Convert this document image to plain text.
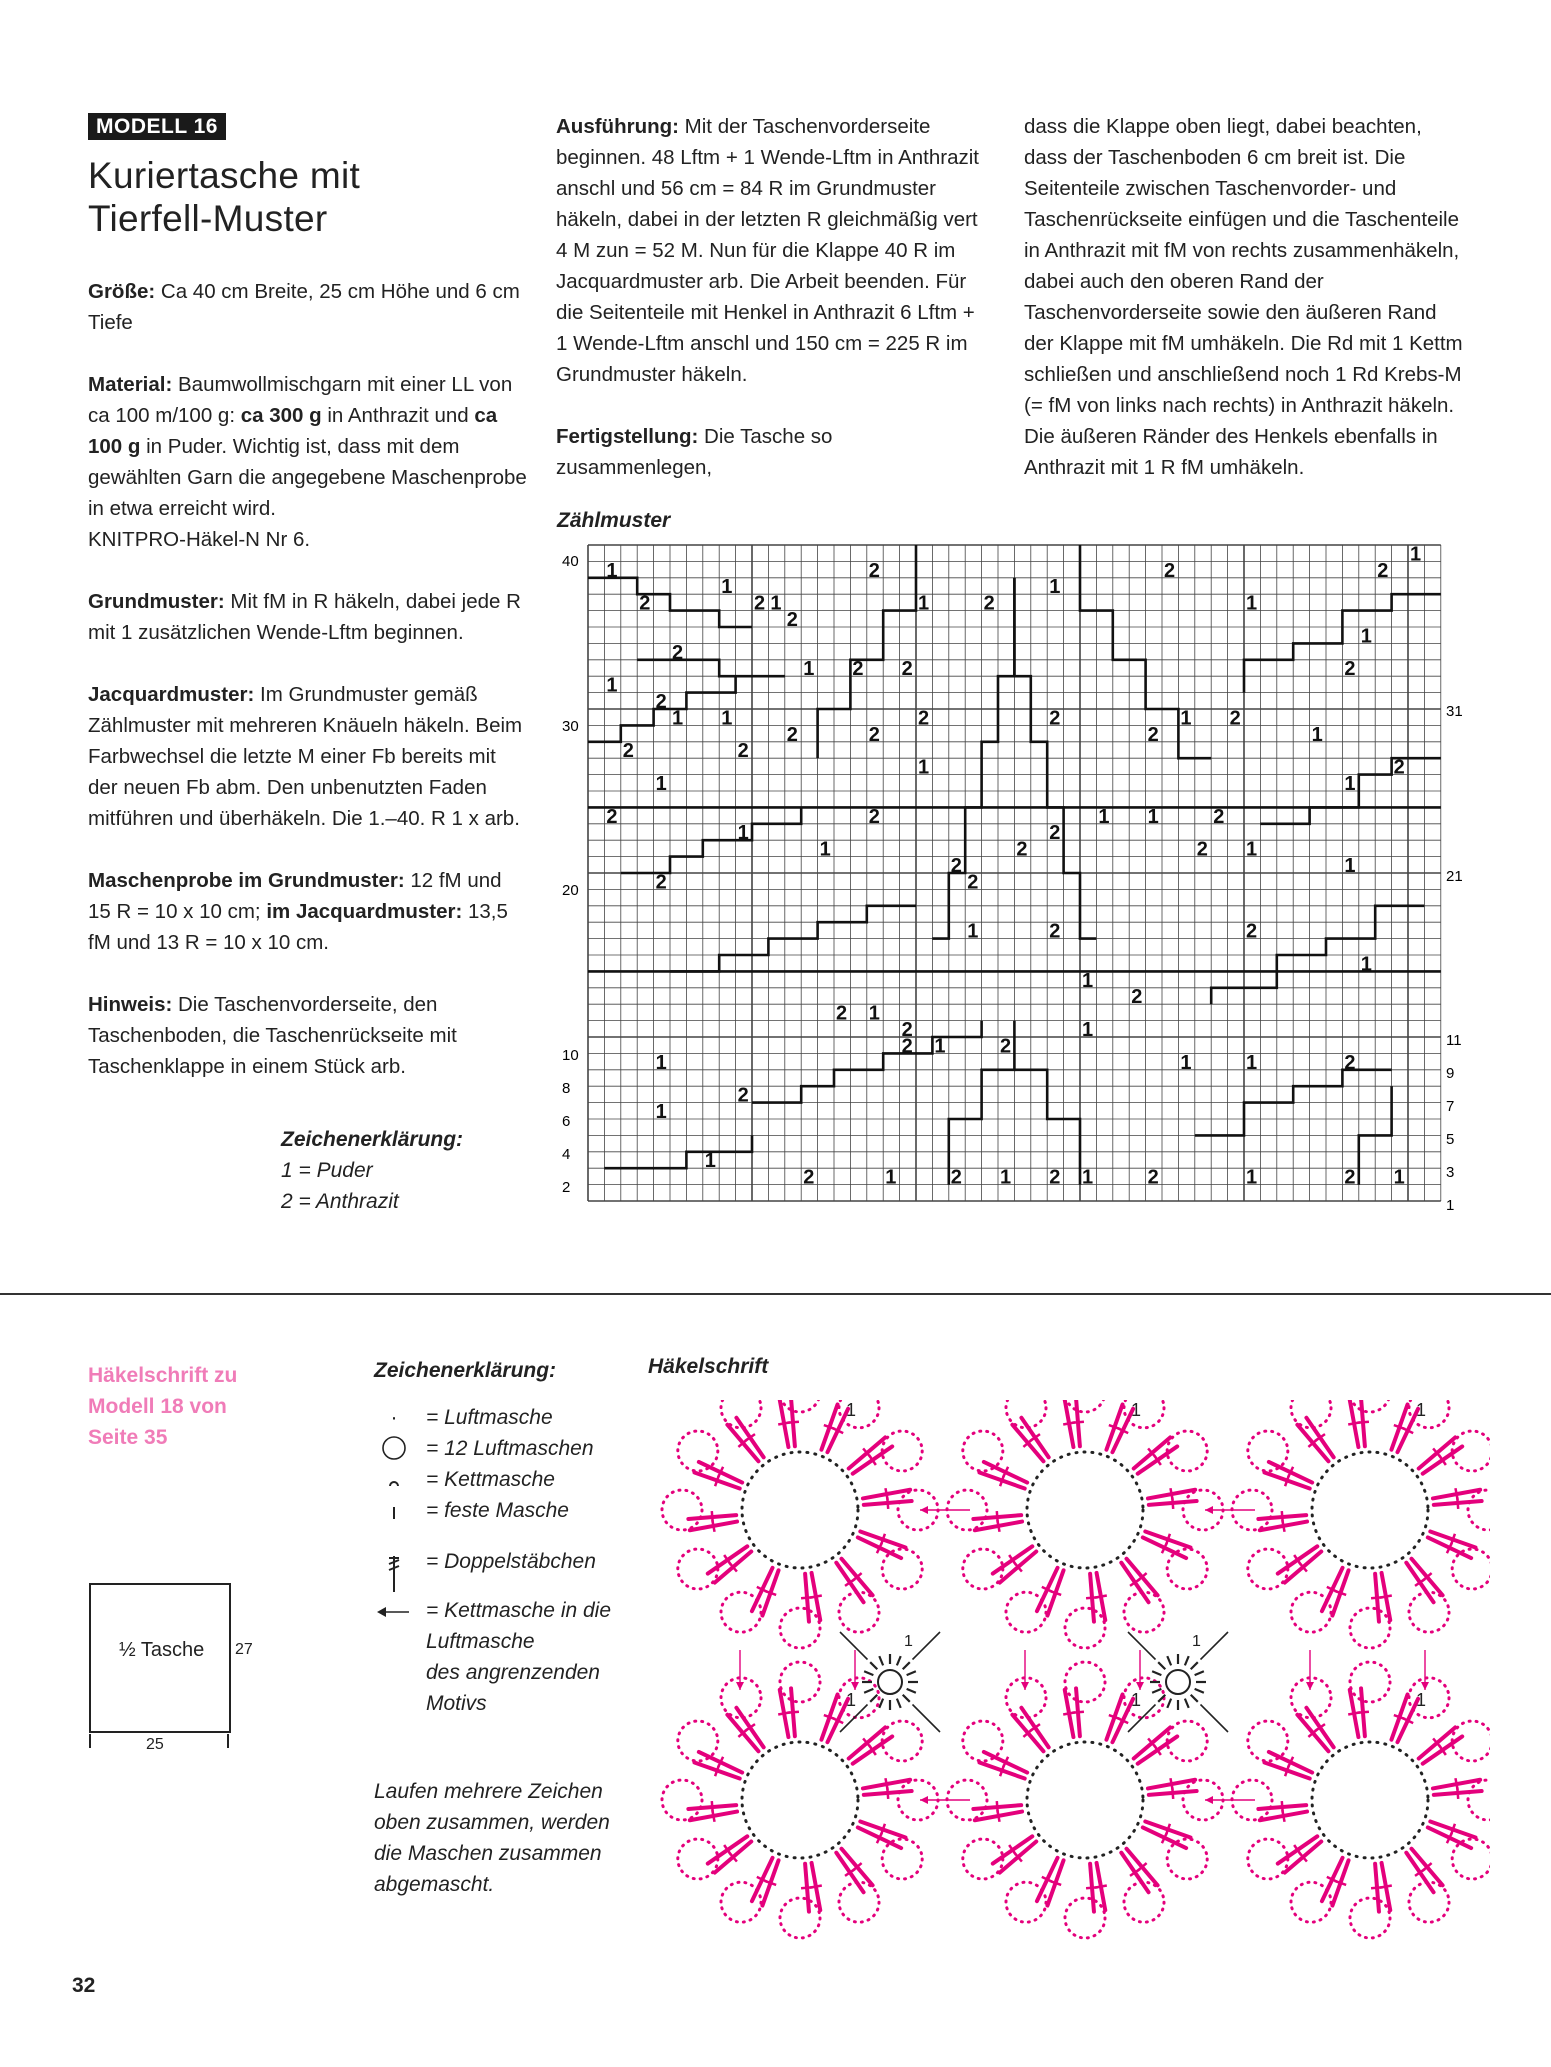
MODELL 16
Kuriertasche mit
Tierfell-Muster

Größe: Ca 40 cm Breite, 25 cm Höhe und 6 cm Tiefe

Material: Baumwollmischgarn mit einer LL von ca 100 m/100 g: ca 300 g in Anthrazit und ca 100 g in Puder. Wichtig ist, dass mit dem gewählten Garn die angegebene Maschenprobe in etwa erreicht wird.
KNITPRO-Häkel-N Nr 6.

Grundmuster: Mit fM in R häkeln, dabei jede R mit 1 zusätzlichen Wende-Lftm beginnen.

Jacquardmuster: Im Grundmuster gemäß Zählmuster mit mehreren Knäueln häkeln. Beim Farbwechsel die letzte M einer Fb bereits mit der neuen Fb abm. Den unbenutzten Faden mitführen und überhäkeln. Die 1.–40. R 1 x arb.

Maschenprobe im Grundmuster: 12 fM und 15 R = 10 x 10 cm; im Jacquardmuster: 13,5 fM und 13 R = 10 x 10 cm.

Hinweis: Die Taschenvorderseite, den Taschenboden, die Taschenrückseite mit Taschenklappe in einem Stück arb.

Zeichenerklärung:
1 = Puder
2 = Anthrazit

Ausführung: Mit der Taschenvorderseite beginnen. 48 Lftm + 1 Wende-Lftm in Anthrazit anschl und 56 cm = 84 R im Grundmuster häkeln, dabei in der letzten R gleichmäßig vert 4 M zun = 52 M. Nun für die Klappe 40 R im Jacquardmuster arb. Die Arbeit beenden. Für die Seitenteile mit Henkel in Anthrazit 6 Lftm + 1 Wende-Lftm anschl und 150 cm = 225 R im Grundmuster häkeln.

Fertigstellung: Die Tasche so zusammenlegen,

dass die Klappe oben liegt, dabei beachten, dass der Taschenboden 6 cm breit ist. Die Seitenteile zwischen Taschenvorder- und Taschenrückseite einfügen und die Taschenteile in Anthrazit mit fM von rechts zusammenhäkeln, dabei auch den oberen Rand der Taschenvorderseite sowie den äußeren Rand der Klappe mit fM umhäkeln. Die Rd mit 1 Kettm schließen und anschließend noch 1 Rd Krebs-M (= fM von links nach rechts) in Anthrazit häkeln. Die äußeren Ränder des Henkels ebenfalls in Anthrazit mit 1 R fM umhäkeln.

Zählmuster
40
30
20
10
8
6
4
2
31
21
11
9
7
5
3
1
1
2
1
2 1
2
2
1	2
1
2
1
1
2
1
2
1 2 2	2
2
1
1 1
2	2
2	2
2
1 2
1
2	2
1	2
1	1
2	2
2
1 1	2
1
1	2
2
2
2 1
1
2
1	2	2
1
1
2
2 1
2
1
1
1	2
2
2
1
1
2
1
1
2	1	2 1 2 1	2	1	2 1
Häkelschrift zu
Modell 18 von
Seite 35
½ Tasche 27
25
Zeichenerklärung:
·	= Luftmasche
= 12 Luftmaschen
= Kettmasche
= feste Masche
= Doppelstäbchen
= Kettmasche in die
Luftmasche
des angrenzenden
Motivs
Laufen mehrere Zeichen
oben zusammen, werden
die Maschen zusammen
abgemascht.
Häkelschrift
1	1	1
1	1	1
1	1
32
